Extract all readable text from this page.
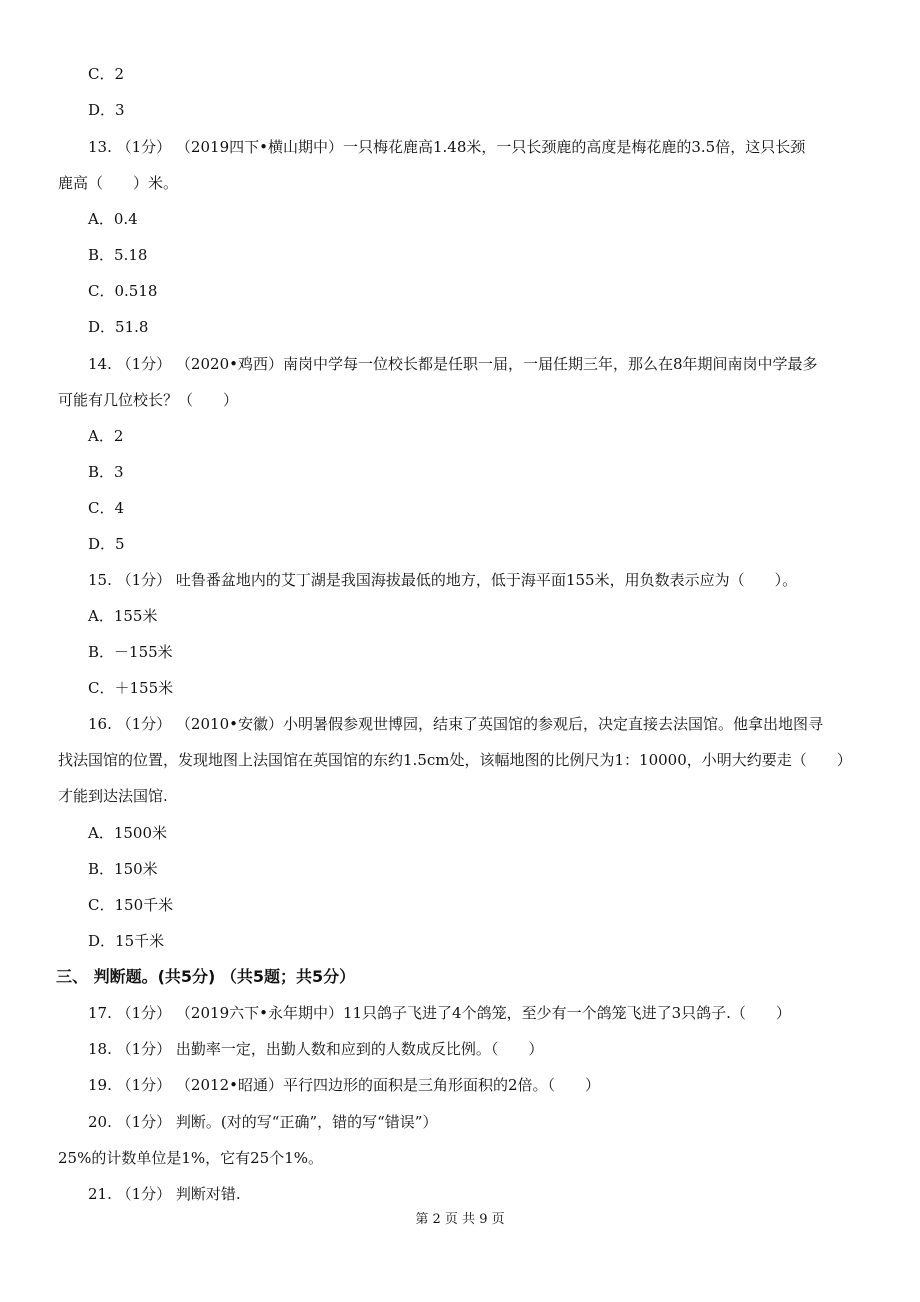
C．2
D．3
13. （1分） （2019四下•横山期中）一只梅花鹿高1.48米，一只长颈鹿的高度是梅花鹿的3.5倍，这只长颈
鹿高（　　）米。
A．0.4
B．5.18
C．0.518
D．51.8
14. （1分） （2020•鸡西）南岗中学每一位校长都是任职一届，一届任期三年，那么在8年期间南岗中学最多
可能有几位校长？（　　）
A．2
B．3
C．4
D．5
15. （1分） 吐鲁番盆地内的艾丁湖是我国海拔最低的地方，低于海平面155米，用负数表示应为（　　）。
A．155米
B．－155米
C．＋155米
16. （1分） （2010•安徽）小明暑假参观世博园，结束了英国馆的参观后，决定直接去法国馆。他拿出地图寻
找法国馆的位置，发现地图上法国馆在英国馆的东约1.5cm处，该幅地图的比例尺为1：10000，小明大约要走（　　）
才能到达法国馆.
A．1500米
B．150米
C．150千米
D．15千米
三、 判断题。(共5分) （共5题；共5分）
17. （1分） （2019六下•永年期中）11只鸽子飞进了4个鸽笼，至少有一个鸽笼飞进了3只鸽子.（　　）
18. （1分） 出勤率一定，出勤人数和应到的人数成反比例。（　　）
19. （1分） （2012•昭通）平行四边形的面积是三角形面积的2倍。（　　）
20. （1分） 判断。(对的写“正确”，错的写“错误”）
25%的计数单位是1%，它有25个1%。
21. （1分） 判断对错.
第 2 页 共 9 页
